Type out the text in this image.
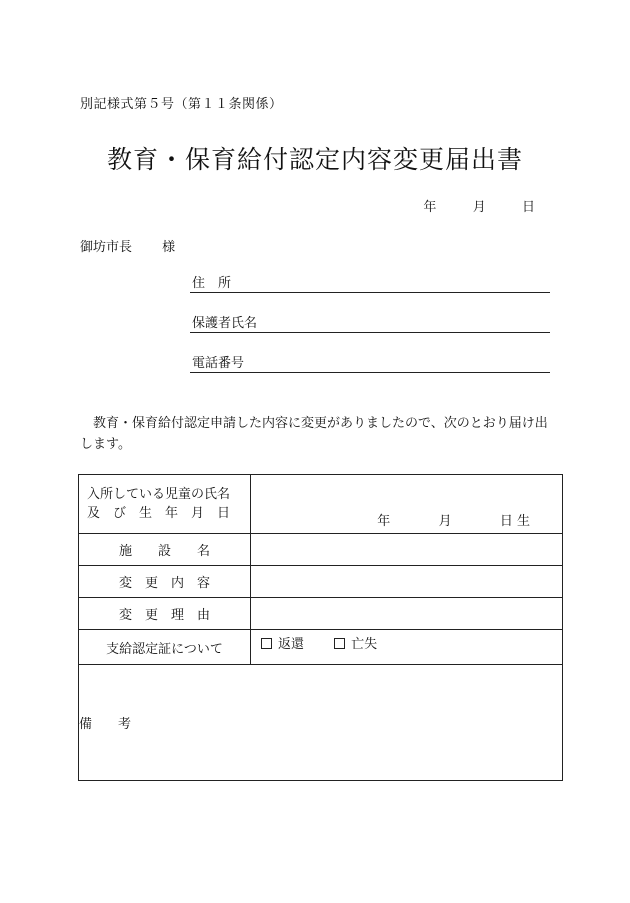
別記様式第５号（第１１条関係）
教育・保育給付認定内容変更届出書
年	月	日
御坊市長 様
住　所
保護者氏名
電話番号
教育・保育給付認定申請した内容に変更がありましたので、次のとおり届け出します。
入所している児童の氏名
及　び　生　年　月　日	年 月 日 生

施　　設　　名	
変　更　内　容	
変　更　理　由	
支給認定証について	返還 亡失
備　　考	
